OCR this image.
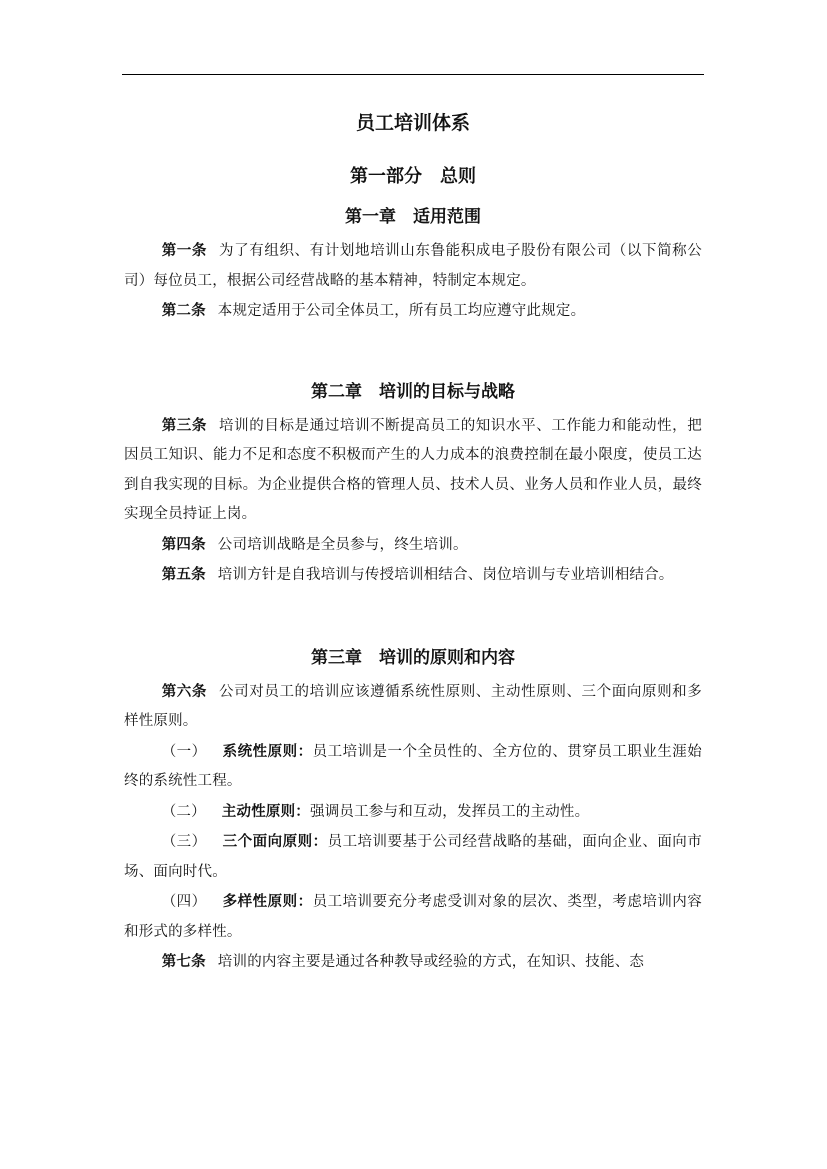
员工培训体系
第一部分　总则
第一章　适用范围

第一条 为了有组织、有计划地培训山东鲁能积成电子股份有限公司（以下简称公司）每位员工，根据公司经营战略的基本精神，特制定本规定。

第二条 本规定适用于公司全体员工，所有员工均应遵守此规定。

第二章　培训的目标与战略

第三条 培训的目标是通过培训不断提高员工的知识水平、工作能力和能动性，把因员工知识、能力不足和态度不积极而产生的人力成本的浪费控制在最小限度，使员工达到自我实现的目标。为企业提供合格的管理人员、技术人员、业务人员和作业人员，最终实现全员持证上岗。

第四条 公司培训战略是全员参与，终生培训。

第五条 培训方针是自我培训与传授培训相结合、岗位培训与专业培训相结合。

第三章　培训的原则和内容

第六条 公司对员工的培训应该遵循系统性原则、主动性原则、三个面向原则和多样性原则。

（一） 系统性原则：员工培训是一个全员性的、全方位的、贯穿员工职业生涯始终的系统性工程。

（二） 主动性原则：强调员工参与和互动，发挥员工的主动性。

（三） 三个面向原则：员工培训要基于公司经营战略的基础，面向企业、面向市场、面向时代。

（四） 多样性原则：员工培训要充分考虑受训对象的层次、类型，考虑培训内容和形式的多样性。

第七条 培训的内容主要是通过各种教导或经验的方式，在知识、技能、态
